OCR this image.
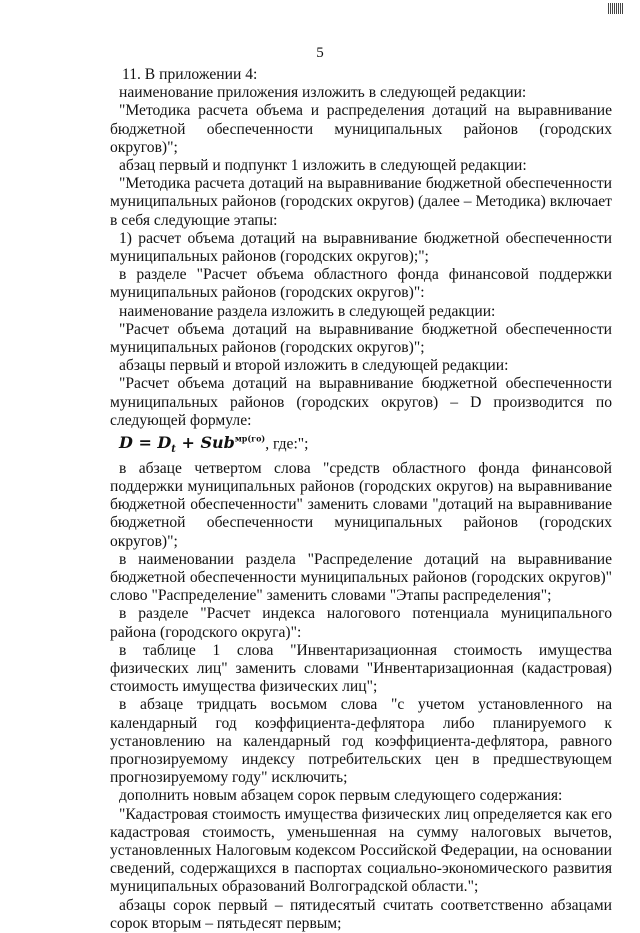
5

11. В приложении 4:

наименование приложения изложить в следующей редакции:

"Методика расчета объема и распределения дотаций на выравнивание бюджетной обеспеченности муниципальных районов (городских округов)";

абзац первый и подпункт 1 изложить в следующей редакции:

"Методика расчета дотаций на выравнивание бюджетной обеспеченности муниципальных районов (городских округов) (далее – Методика) включает в себя следующие этапы:

1) расчет объема дотаций на выравнивание бюджетной обеспеченности муниципальных районов (городских округов);";

в разделе "Расчет объема областного фонда финансовой поддержки муниципальных районов (городских округов)":

наименование раздела изложить в следующей редакции:

"Расчет объема дотаций на выравнивание бюджетной обеспеченности муниципальных районов (городских округов)";

абзацы первый и второй изложить в следующей редакции:

"Расчет объема дотаций на выравнивание бюджетной обеспеченности муниципальных районов (городских округов) – D производится по следующей формуле:

$D = D_t + Sub^{мр(го)}$, где:";

в абзаце четвертом слова "средств областного фонда финансовой поддержки муниципальных районов (городских округов) на выравнивание бюджетной обеспеченности" заменить словами "дотаций на выравнивание бюджетной обеспеченности муниципальных районов (городских округов)";

в наименовании раздела "Распределение дотаций на выравнивание бюджетной обеспеченности муниципальных районов (городских округов)" слово "Распределение" заменить словами "Этапы распределения";

в разделе "Расчет индекса налогового потенциала муниципального района (городского округа)":

в таблице 1 слова "Инвентаризационная стоимость имущества физических лиц" заменить словами "Инвентаризационная (кадастровая) стоимость имущества физических лиц";

в абзаце тридцать восьмом слова "с учетом установленного на календарный год коэффициента-дефлятора либо планируемого к установлению на календарный год коэффициента-дефлятора, равного прогнозируемому индексу потребительских цен в предшествующем прогнозируемому году" исключить;

дополнить новым абзацем сорок первым следующего содержания:

"Кадастровая стоимость имущества физических лиц определяется как его кадастровая стоимость, уменьшенная на сумму налоговых вычетов, установленных Налоговым кодексом Российской Федерации, на основании сведений, содержащихся в паспортах социально-экономического развития муниципальных образований Волгоградской области.";

абзацы сорок первый – пятидесятый считать соответственно абзацами сорок вторым – пятьдесят первым;
